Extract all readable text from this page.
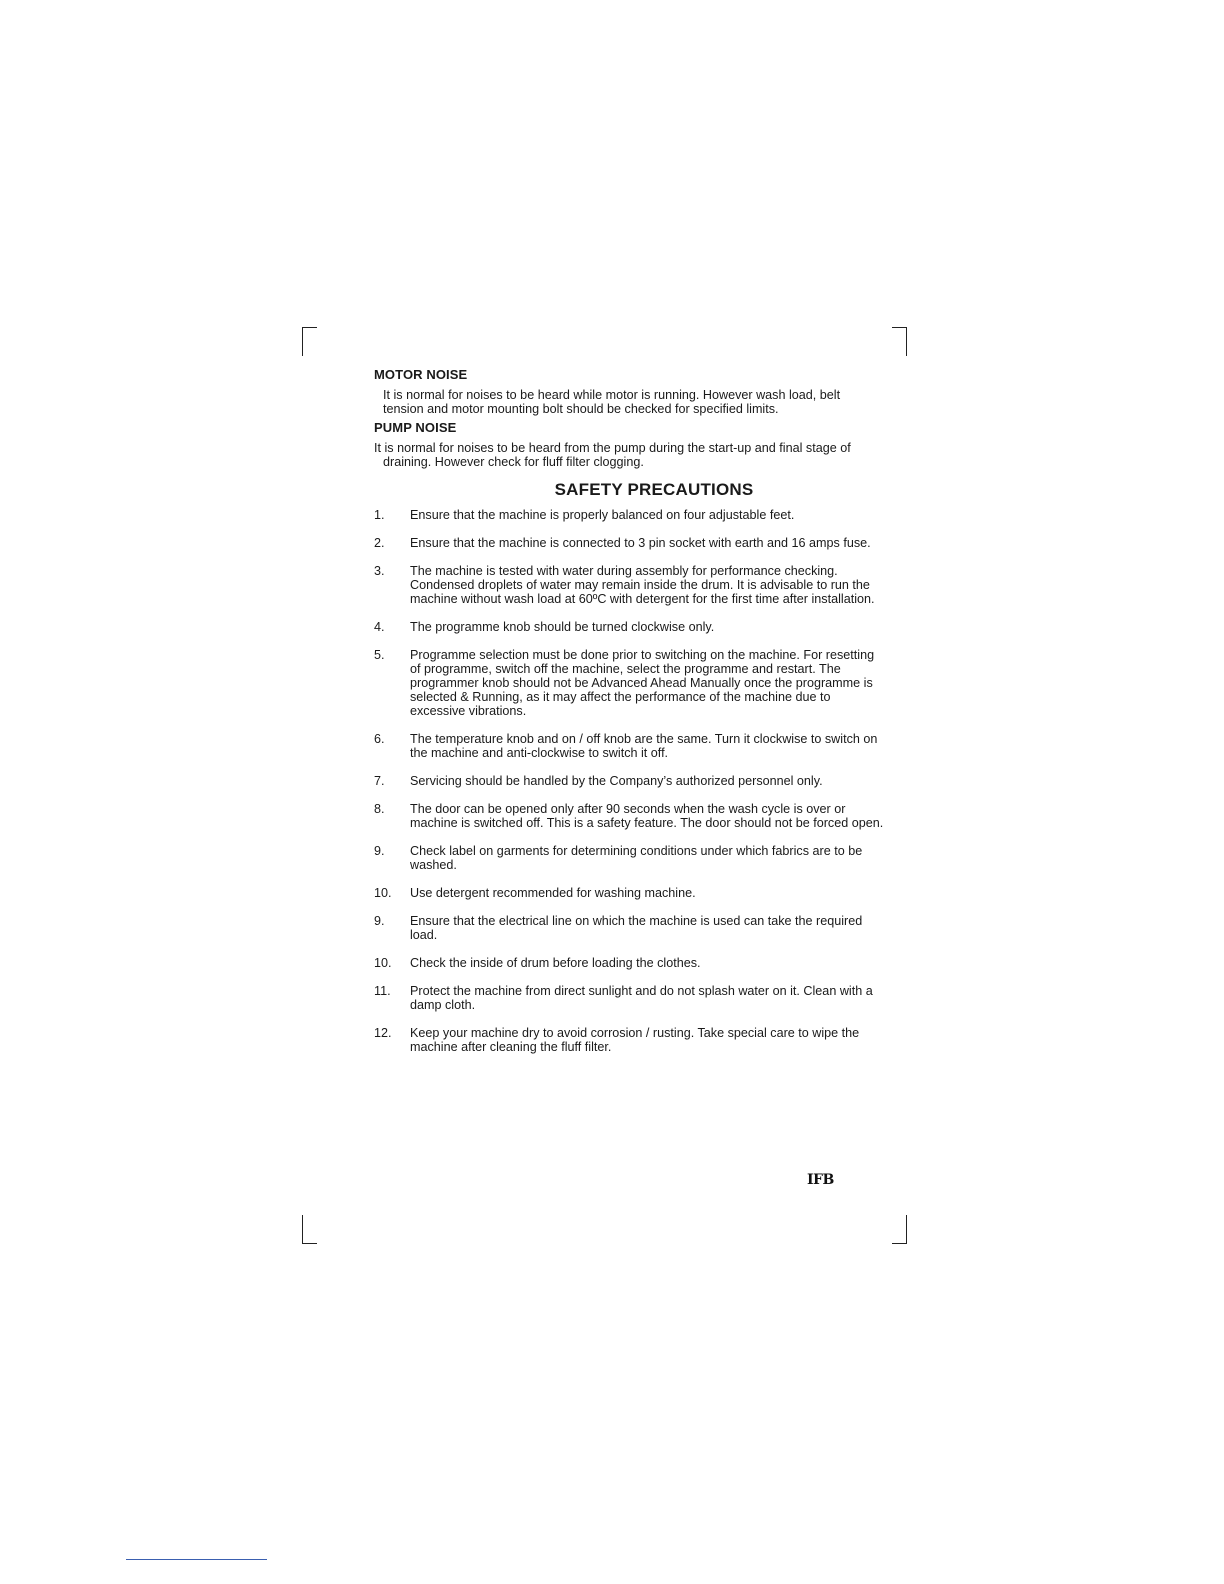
MOTOR NOISE

It is normal for noises to be heard while motor is running. However wash load, belt tension and motor mounting bolt should be checked for specified limits.

PUMP NOISE

It is normal for noises to be heard from the pump during the start-up and final stage of draining. However check for fluff filter clogging.

SAFETY PRECAUTIONS
1.	Ensure that the machine is properly balanced on four adjustable feet.
2.	Ensure that the machine is connected to 3 pin socket with earth and 16 amps fuse.
3.	The machine is tested with water during assembly for performance checking. Condensed droplets of water may remain inside the drum. It is advisable to run the machine without wash load at 60ºC with detergent for the first time after installation.
4.	The programme knob should be turned clockwise only.
5.	Programme selection must be done prior to switching on the machine. For resetting of programme, switch off the machine, select the programme and restart. The programmer knob should not be Advanced Ahead Manually once the programme is selected & Running, as it may affect the performance of the machine due to excessive vibrations.
6.	The temperature knob and on / off knob are the same. Turn it clockwise to switch on the machine and anti-clockwise to switch it off.
7.	Servicing should be handled by the Company’s authorized personnel only.
8.	The door can be opened only after 90 seconds when the wash cycle is over or machine is switched off. This is a safety feature. The door should not be forced open.
9.	Check label on garments for determining conditions under which fabrics are to be washed.
10.	Use detergent recommended for washing machine.
9.	Ensure that the electrical line on which the machine is used can take the required load.
10.	Check the inside of drum before loading the clothes.
11.	Protect the machine from direct sunlight and do not splash water on it. Clean with a damp cloth.
12.	Keep your machine dry to avoid corrosion / rusting. Take special care to wipe the machine after cleaning the fluff filter.
IFB
